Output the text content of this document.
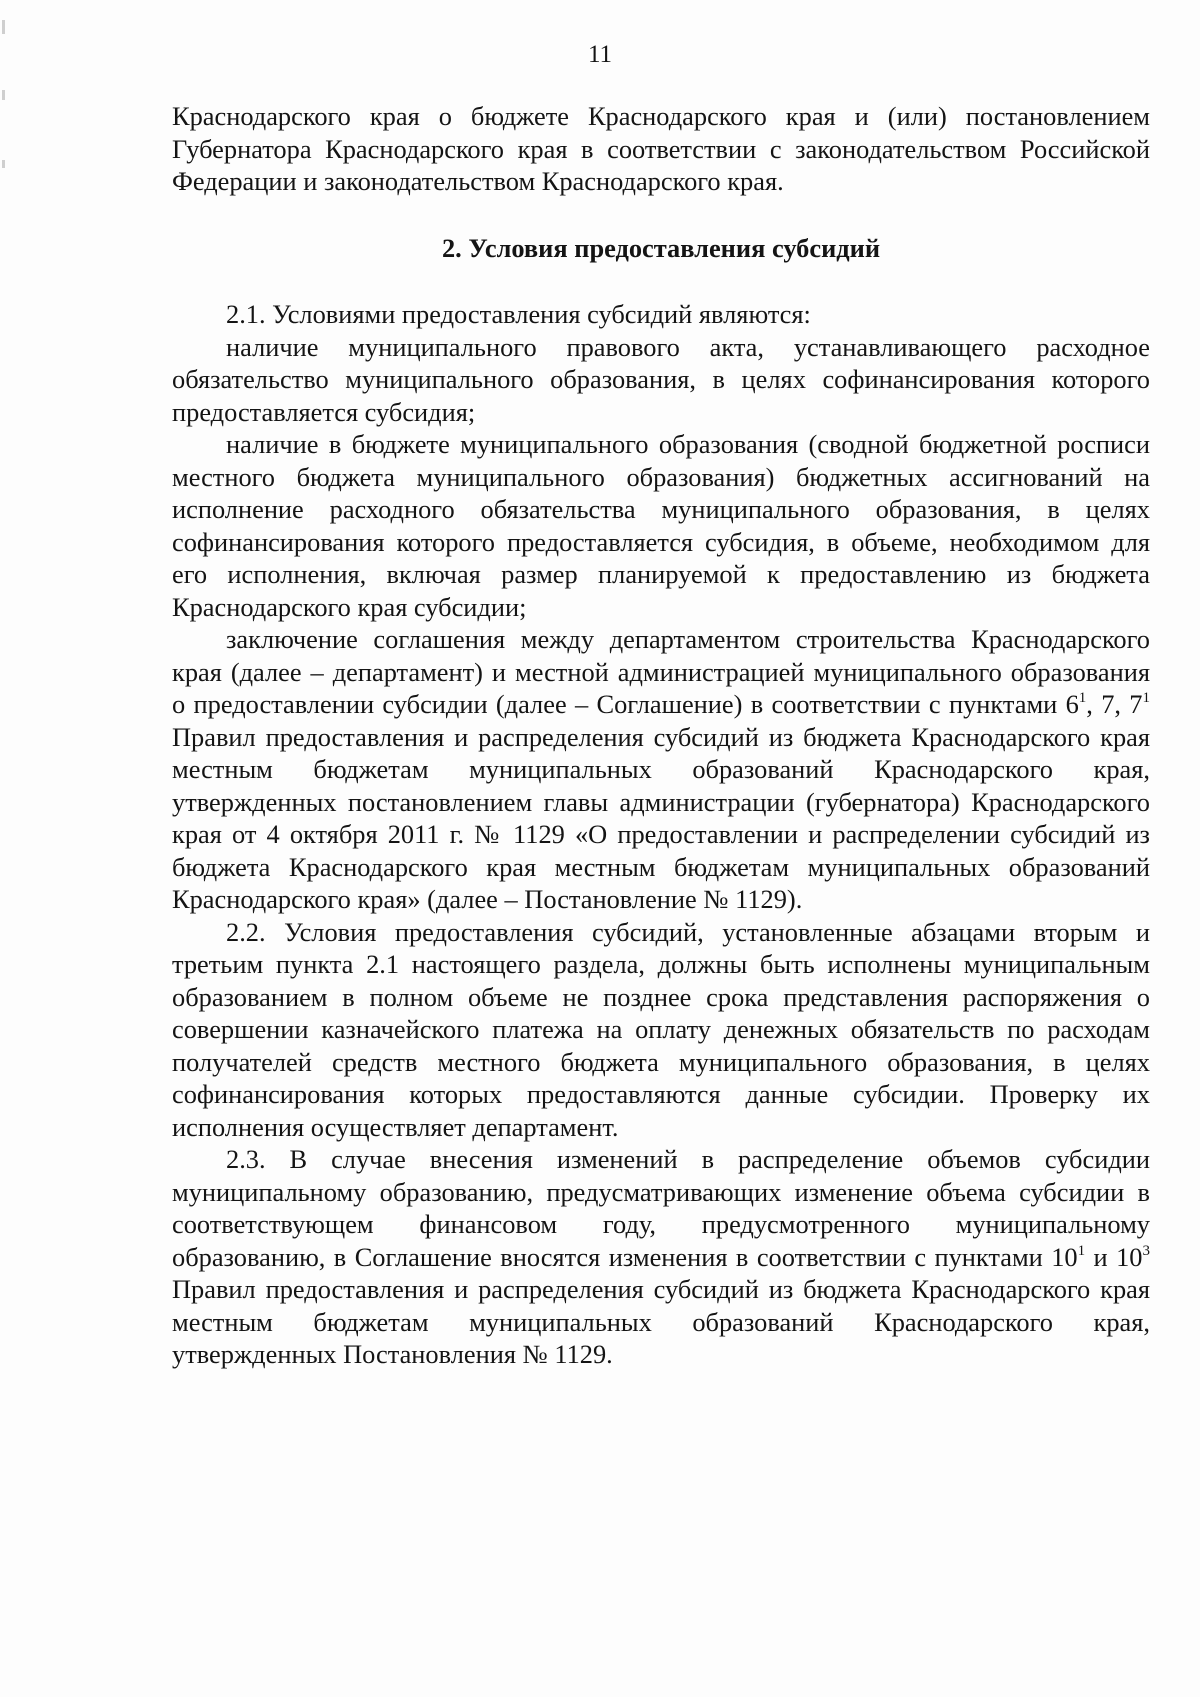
11

Краснодарского края о бюджете Краснодарского края и (или) постановлением Губернатора Краснодарского края в соответствии с законодательством Российской Федерации и законодательством Краснодарского края.

2. Условия предоставления субсидий

2.1. Условиями предоставления субсидий являются:

наличие муниципального правового акта, устанавливающего расходное обязательство муниципального образования, в целях софинансирования которого предоставляется субсидия;

наличие в бюджете муниципального образования (сводной бюджетной росписи местного бюджета муниципального образования) бюджетных ассигнований на исполнение расходного обязательства муниципального образования, в целях софинансирования которого предоставляется субсидия, в объеме, необходимом для его исполнения, включая размер планируемой к предоставлению из бюджета Краснодарского края субсидии;

заключение соглашения между департаментом строительства Краснодарского края (далее – департамент) и местной администрацией муниципального образования о предоставлении субсидии (далее – Соглашение) в соответствии с пунктами $6^1$, 7, $7^1$ Правил предоставления и распределения субсидий из бюджета Краснодарского края местным бюджетам муниципальных образований Краснодарского края, утвержденных постановлением главы администрации (губернатора) Краснодарского края от 4 октября 2011 г. № 1129 «О предоставлении и распределении субсидий из бюджета Краснодарского края местным бюджетам муниципальных образований Краснодарского края» (далее – Постановление № 1129).

2.2. Условия предоставления субсидий, установленные абзацами вторым и третьим пункта 2.1 настоящего раздела, должны быть исполнены муниципальным образованием в полном объеме не позднее срока представления распоряжения о совершении казначейского платежа на оплату денежных обязательств по расходам получателей средств местного бюджета муниципального образования, в целях софинансирования которых предоставляются данные субсидии. Проверку их исполнения осуществляет департамент.

2.3. В случае внесения изменений в распределение объемов субсидии муниципальному образованию, предусматривающих изменение объема субсидии в соответствующем финансовом году, предусмотренного муниципальному образованию, в Соглашение вносятся изменения в соответствии с пунктами $10^1$ и $10^3$ Правил предоставления и распределения субсидий из бюджета Краснодарского края местным бюджетам муниципальных образований Краснодарского края, утвержденных Постановления № 1129.
